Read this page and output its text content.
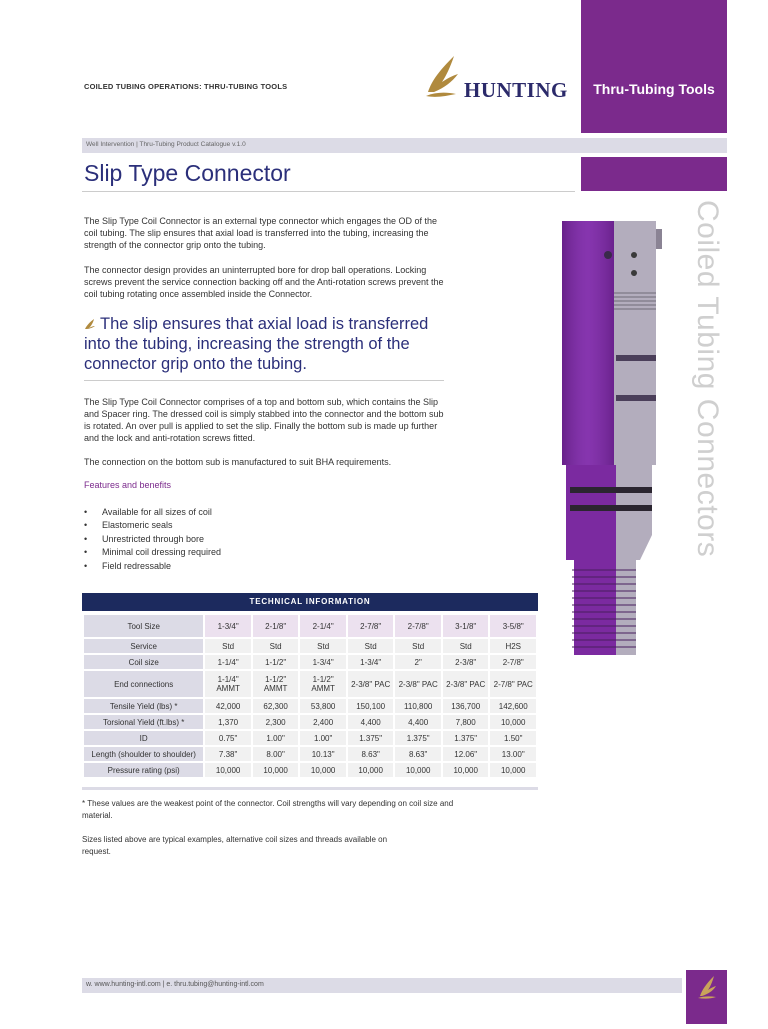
COILED TUBING OPERATIONS: THRU-TUBING TOOLS	HUNTING	Thru-Tubing Tools
Well Intervention | Thru-Tubing Product Catalogue v.1.0
Slip Type Connector
The Slip Type Coil Connector is an external type connector which engages the OD of the coil tubing. The slip ensures that axial load is transferred into the tubing, increasing the strength of the connector grip onto the tubing.
The connector design provides an uninterrupted bore for drop ball operations. Locking screws prevent the service connection backing off and the Anti-rotation screws prevent the coil tubing rotating once assembled inside the Connector.
The slip ensures that axial load is transferred into the tubing, increasing the strength of the connector grip onto the tubing.
The Slip Type Coil Connector comprises of a top and bottom sub, which contains the Slip and Spacer ring. The dressed coil is simply stabbed into the connector and the bottom sub is rotated. An over pull is applied to set the slip. Finally the bottom sub is made up further and the lock and anti-rotation screws fitted.
The connection on the bottom sub is manufactured to suit BHA requirements.
Features and benefits
• Available for all sizes of coil
• Elastomeric seals
• Unrestricted through bore
• Minimal coil dressing required
• Field redressable
Coiled Tubing Connectors
TECHNICAL INFORMATION
Tool Size	1-3/4"	2-1/8"	2-1/4"	2-7/8"	2-7/8"	3-1/8"	3-5/8"
Service	Std	Std	Std	Std	Std	Std	H2S
Coil size	1-1/4"	1-1/2"	1-3/4"	1-3/4"	2"	2-3/8"	2-7/8"
End connections	1-1/4" AMMT	1-1/2" AMMT	1-1/2" AMMT	2-3/8" PAC	2-3/8" PAC	2-3/8" PAC	2-7/8" PAC
Tensile Yield (lbs) *	42,000	62,300	53,800	150,100	110,800	136,700	142,600
Torsional Yield (ft.lbs) *	1,370	2,300	2,400	4,400	4,400	7,800	10,000
ID	0.75"	1.00"	1.00"	1.375"	1.375"	1.375"	1.50"
Length (shoulder to shoulder)	7.38"	8.00"	10.13"	8.63"	8.63"	12.06"	13.00"
Pressure rating (psi)	10,000	10,000	10,000	10,000	10,000	10,000	10,000
* These values are the weakest point of the connector. Coil strengths will vary depending on coil size and material.
Sizes listed above are typical examples, alternative coil sizes and threads available on request.
w. www.hunting-intl.com | e. thru.tubing@hunting-intl.com
